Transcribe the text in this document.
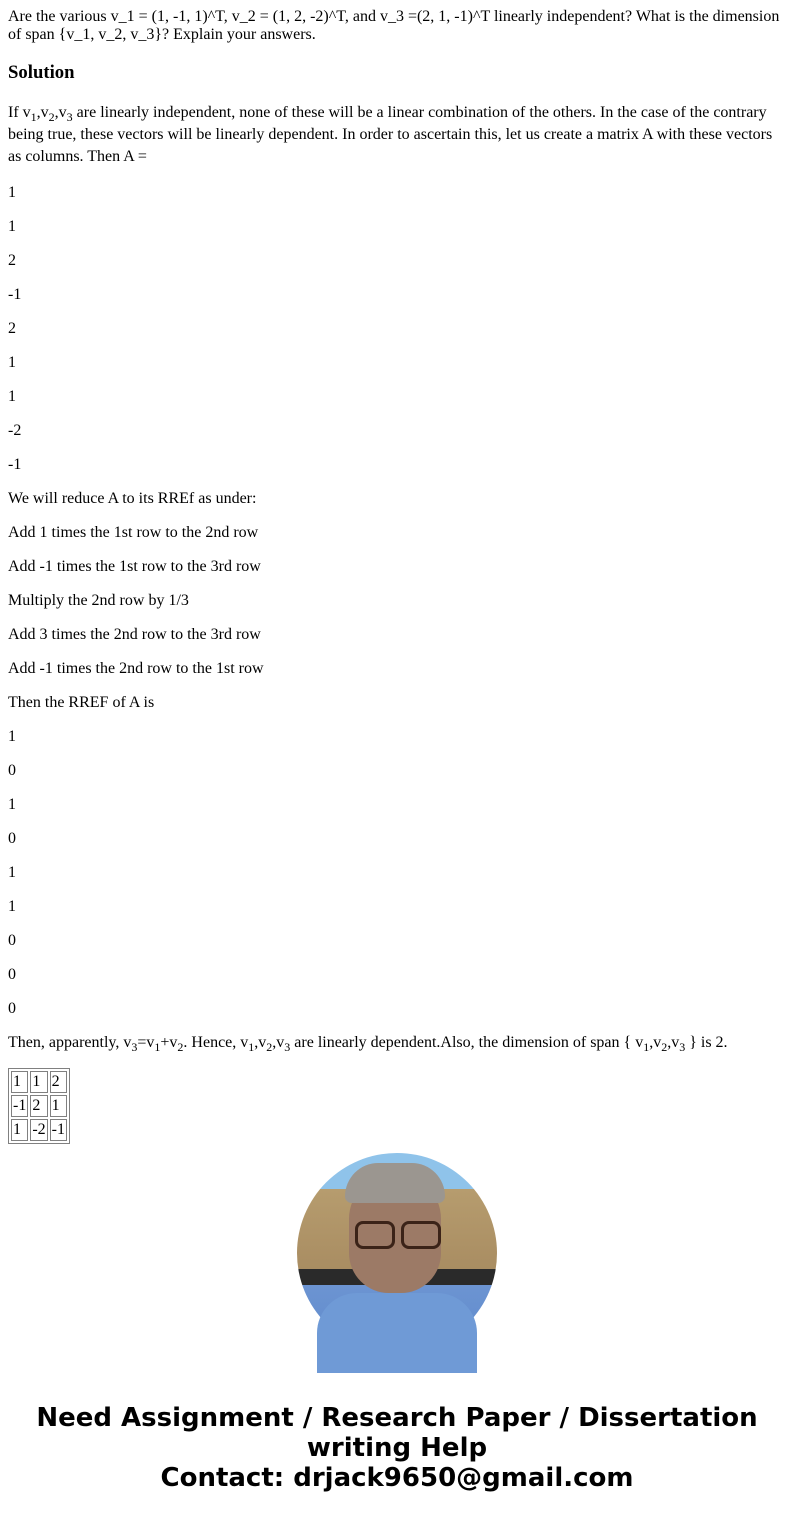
Are the various v_1 = (1, -1, 1)^T, v_2 = (1, 2, -2)^T, and v_3 =(2, 1, -1)^T linearly independent? What is the dimension of span {v_1, v_2, v_3}? Explain your answers.

Solution

If $v_1,v_2,v_3$ are linearly independent, none of these will be a linear combination of the others. In the case of the contrary being true, these vectors will be linearly dependent. In order to ascertain this, let us create a matrix A with these vectors as columns. Then A =

1
1
2
-1
2
1
1
-2
-1
We will reduce A to its RREf as under:
Add 1 times the 1st row to the 2nd row
Add -1 times the 1st row to the 3rd row
Multiply the 2nd row by 1/3
Add 3 times the 2nd row to the 3rd row
Add -1 times the 2nd row to the 1st row
Then the RREF of A is
1
0
1
0
1
1
0
0
0
Then, apparently, $v_3=v_1+v_2$. Hence, $v_1,v_2,v_3$ are linearly dependent.Also, the dimension of span { $v_1,v_2,v_3$ } is 2.
1	1	2
-1	2	1
1	-2	-1
Need Assignment / Research Paper / Dissertation
writing Help
Contact: drjack9650@gmail.com
